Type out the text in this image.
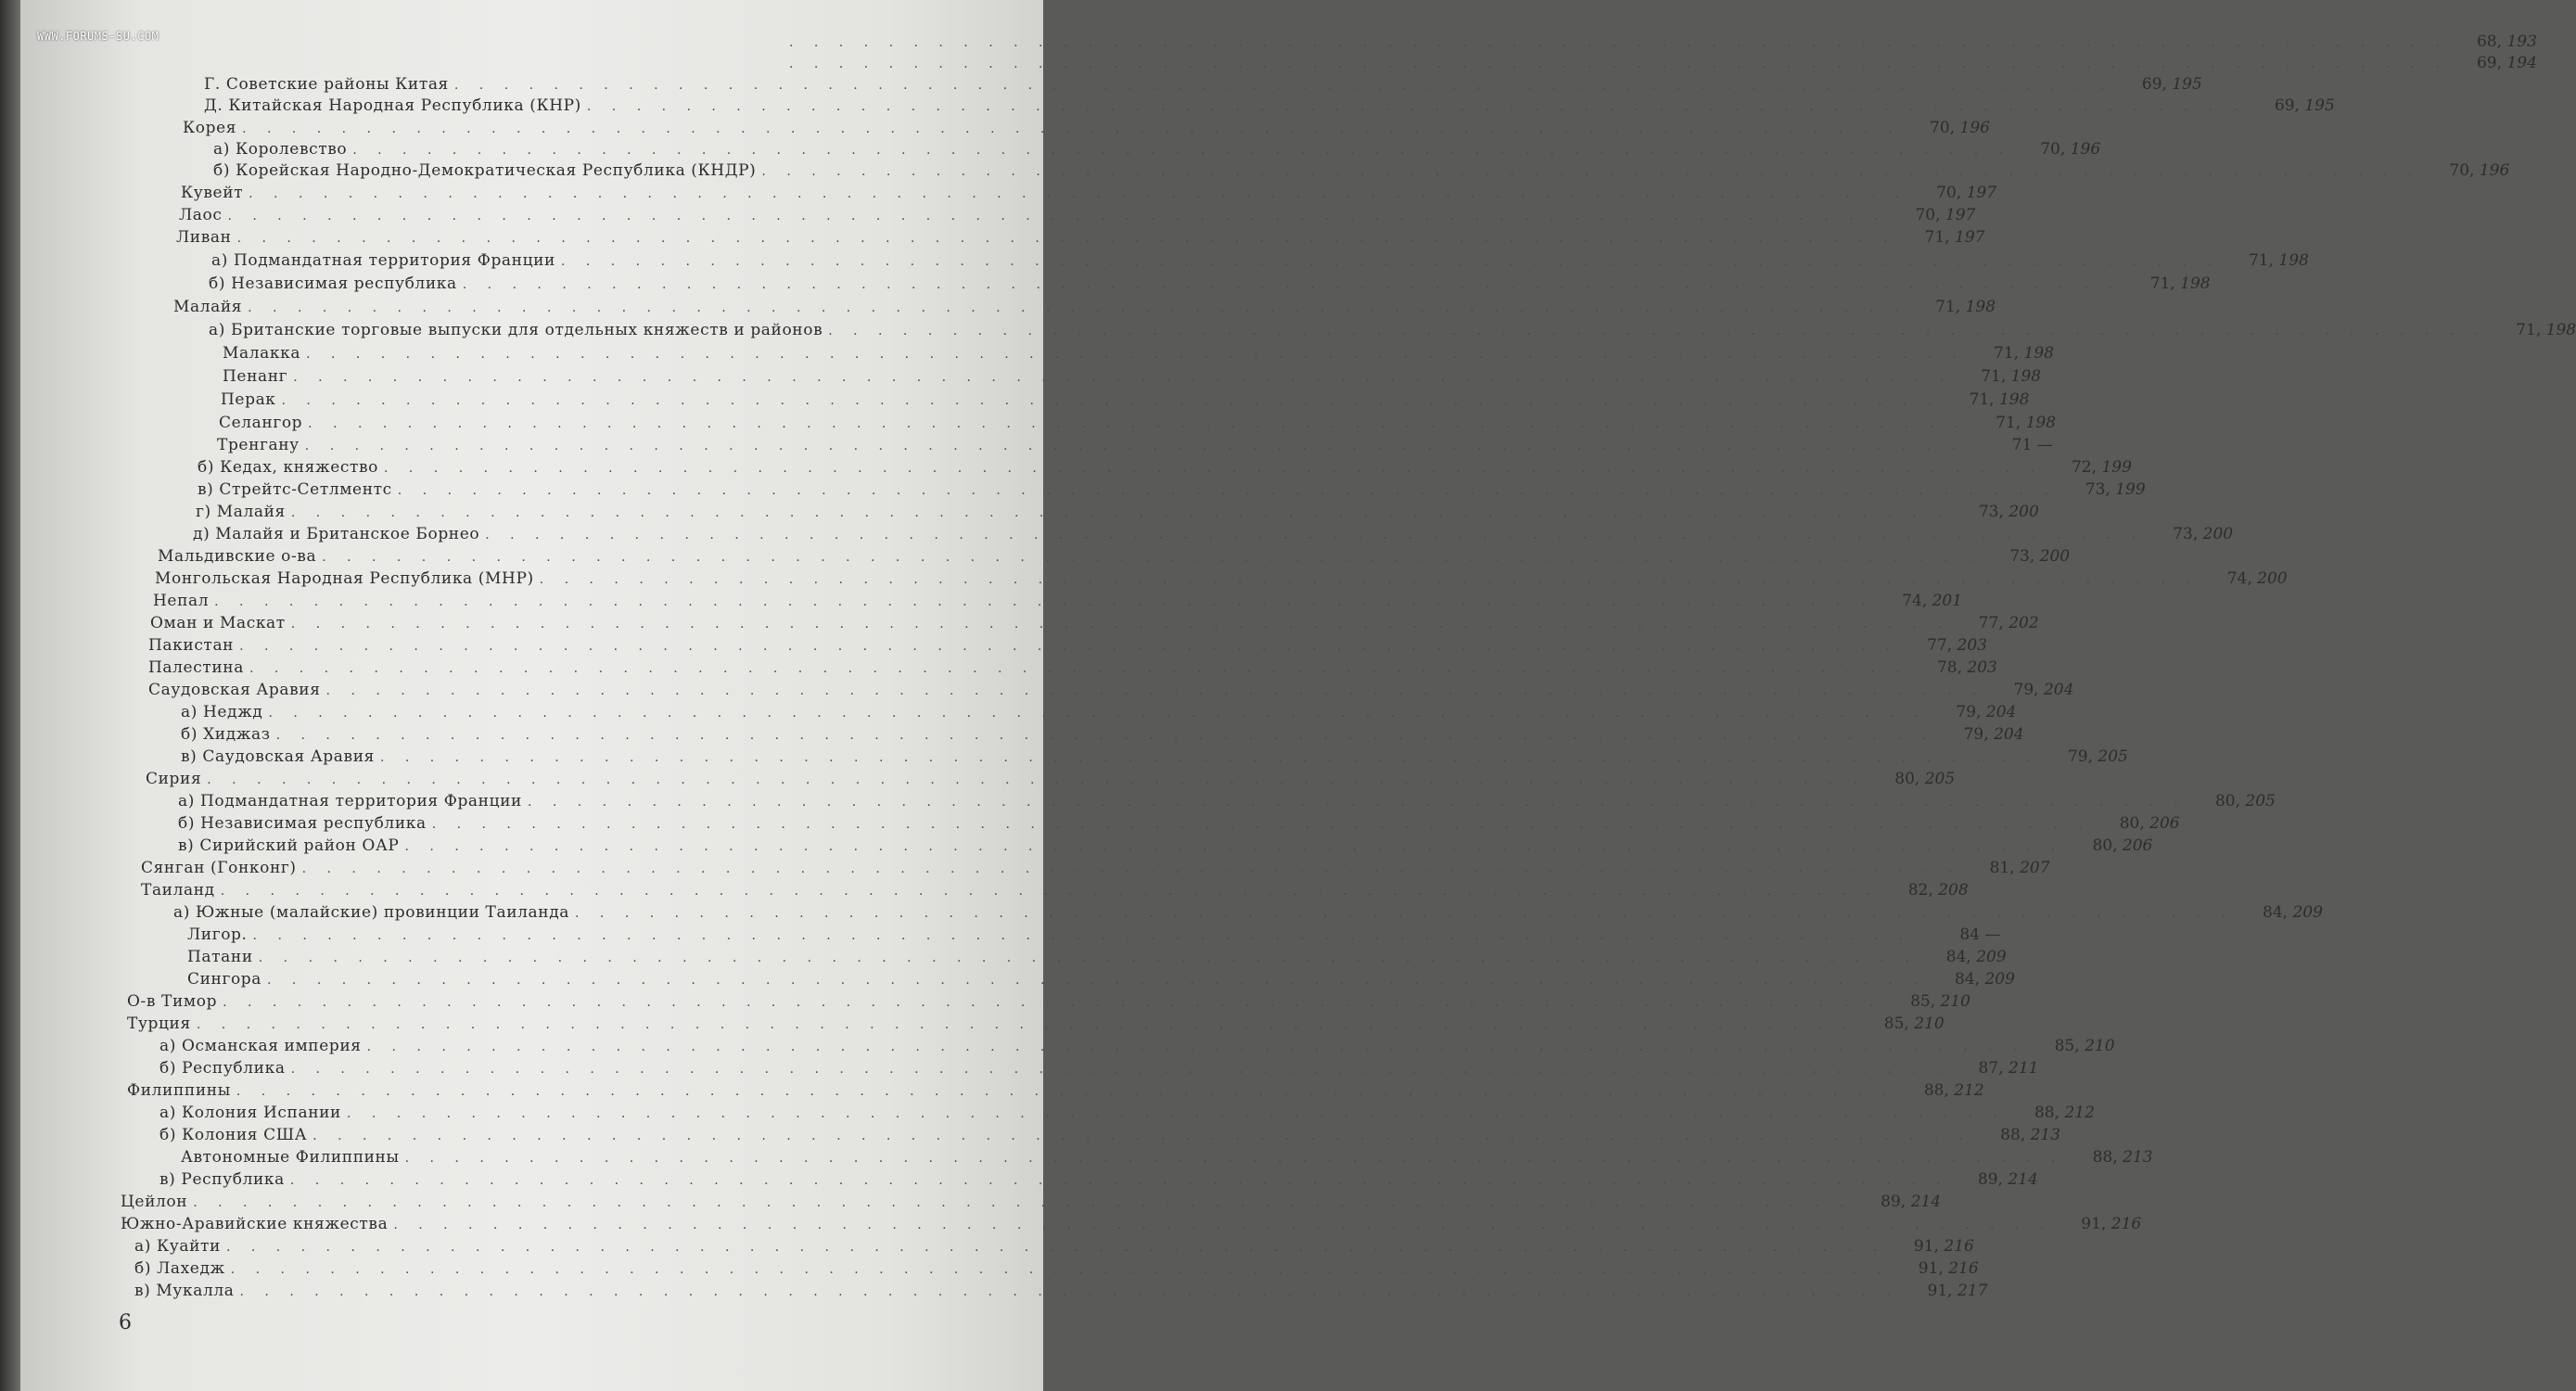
WWW.FORUMS-SU.COM	. . . . . . . . . . . . . . . . . . . . . . . . . . . . . . . . . . . . . . . . . . . . . . . . . . . . . . . . . . . . . . . . . . .	68, 193
. . . . . . . . . . . . . . . . . . . . . . . . . . . . . . . . . . . . . . . . . . . . . . . . . . . . . . . . . . . . . . . . . . .	69, 194
Г. Советские районы Китая . . . . . . . . . . . . . . . . . . . . . . . . . . . . . . . . . . . . . . . . . . . . . . . . . . . . . . . . . . . . . . . . . . .	69, 195
Д. Китайская Народная Республика (КНР) . . . . . . . . . . . . . . . . . . . . . . . . . . . . . . . . . . . . . . . . . . . . . . . . . . . . . . . . . . . . . . . . . . .	69, 195
Корея . . . . . . . . . . . . . . . . . . . . . . . . . . . . . . . . . . . . . . . . . . . . . . . . . . . . . . . . . . . . . . . . . . .	70, 196
а) Королевство . . . . . . . . . . . . . . . . . . . . . . . . . . . . . . . . . . . . . . . . . . . . . . . . . . . . . . . . . . . . . . . . . . .	70, 196
б) Корейская Народно-Демократическая Республика (КНДР) . . . . . . . . . . . . . . . . . . . . . . . . . . . . . . . . . . . . . . . . . . . . . . . . . . . . . . . . . . . . . . . . . . .	70, 196
Кувейт . . . . . . . . . . . . . . . . . . . . . . . . . . . . . . . . . . . . . . . . . . . . . . . . . . . . . . . . . . . . . . . . . . .	70, 197
Лаос . . . . . . . . . . . . . . . . . . . . . . . . . . . . . . . . . . . . . . . . . . . . . . . . . . . . . . . . . . . . . . . . . . .	70, 197
Ливан . . . . . . . . . . . . . . . . . . . . . . . . . . . . . . . . . . . . . . . . . . . . . . . . . . . . . . . . . . . . . . . . . . .	71, 197
а) Подмандатная территория Франции . . . . . . . . . . . . . . . . . . . . . . . . . . . . . . . . . . . . . . . . . . . . . . . . . . . . . . . . . . . . . . . . . . .	71, 198
б) Независимая республика . . . . . . . . . . . . . . . . . . . . . . . . . . . . . . . . . . . . . . . . . . . . . . . . . . . . . . . . . . . . . . . . . . .	71, 198
Малайя . . . . . . . . . . . . . . . . . . . . . . . . . . . . . . . . . . . . . . . . . . . . . . . . . . . . . . . . . . . . . . . . . . .	71, 198
а) Британские торговые выпуски для отдельных княжеств и районов . . . . . . . . . . . . . . . . . . . . . . . . . . . . . . . . . . . . . . . . . . . . . . . . . . . . . . . . . . . . . . . . . . .	71, 198
Малакка . . . . . . . . . . . . . . . . . . . . . . . . . . . . . . . . . . . . . . . . . . . . . . . . . . . . . . . . . . . . . . . . . . .	71, 198
Пенанг . . . . . . . . . . . . . . . . . . . . . . . . . . . . . . . . . . . . . . . . . . . . . . . . . . . . . . . . . . . . . . . . . . .	71, 198
Перак . . . . . . . . . . . . . . . . . . . . . . . . . . . . . . . . . . . . . . . . . . . . . . . . . . . . . . . . . . . . . . . . . . .	71, 198
Селангор . . . . . . . . . . . . . . . . . . . . . . . . . . . . . . . . . . . . . . . . . . . . . . . . . . . . . . . . . . . . . . . . . . .	71, 198
Тренгану . . . . . . . . . . . . . . . . . . . . . . . . . . . . . . . . . . . . . . . . . . . . . . . . . . . . . . . . . . . . . . . . . . .	71 —
б) Кедах, княжество . . . . . . . . . . . . . . . . . . . . . . . . . . . . . . . . . . . . . . . . . . . . . . . . . . . . . . . . . . . . . . . . . . .	72, 199
в) Стрейтс-Сетлментс . . . . . . . . . . . . . . . . . . . . . . . . . . . . . . . . . . . . . . . . . . . . . . . . . . . . . . . . . . . . . . . . . . .	73, 199
г) Малайя . . . . . . . . . . . . . . . . . . . . . . . . . . . . . . . . . . . . . . . . . . . . . . . . . . . . . . . . . . . . . . . . . . .	73, 200
д) Малайя и Британское Борнео . . . . . . . . . . . . . . . . . . . . . . . . . . . . . . . . . . . . . . . . . . . . . . . . . . . . . . . . . . . . . . . . . . .	73, 200
Мальдивские о-ва . . . . . . . . . . . . . . . . . . . . . . . . . . . . . . . . . . . . . . . . . . . . . . . . . . . . . . . . . . . . . . . . . . .	73, 200
Монгольская Народная Республика (МНР) . . . . . . . . . . . . . . . . . . . . . . . . . . . . . . . . . . . . . . . . . . . . . . . . . . . . . . . . . . . . . . . . . . .	74, 200
Непал . . . . . . . . . . . . . . . . . . . . . . . . . . . . . . . . . . . . . . . . . . . . . . . . . . . . . . . . . . . . . . . . . . .	74, 201
Оман и Маскат . . . . . . . . . . . . . . . . . . . . . . . . . . . . . . . . . . . . . . . . . . . . . . . . . . . . . . . . . . . . . . . . . . .	77, 202
Пакистан . . . . . . . . . . . . . . . . . . . . . . . . . . . . . . . . . . . . . . . . . . . . . . . . . . . . . . . . . . . . . . . . . . .	77, 203
Палестина . . . . . . . . . . . . . . . . . . . . . . . . . . . . . . . . . . . . . . . . . . . . . . . . . . . . . . . . . . . . . . . . . . .	78, 203
Саудовская Аравия . . . . . . . . . . . . . . . . . . . . . . . . . . . . . . . . . . . . . . . . . . . . . . . . . . . . . . . . . . . . . . . . . . .	79, 204
а) Неджд . . . . . . . . . . . . . . . . . . . . . . . . . . . . . . . . . . . . . . . . . . . . . . . . . . . . . . . . . . . . . . . . . . .	79, 204
б) Хиджаз . . . . . . . . . . . . . . . . . . . . . . . . . . . . . . . . . . . . . . . . . . . . . . . . . . . . . . . . . . . . . . . . . . .	79, 204
в) Саудовская Аравия . . . . . . . . . . . . . . . . . . . . . . . . . . . . . . . . . . . . . . . . . . . . . . . . . . . . . . . . . . . . . . . . . . .	79, 205
Сирия . . . . . . . . . . . . . . . . . . . . . . . . . . . . . . . . . . . . . . . . . . . . . . . . . . . . . . . . . . . . . . . . . . .	80, 205
а) Подмандатная территория Франции . . . . . . . . . . . . . . . . . . . . . . . . . . . . . . . . . . . . . . . . . . . . . . . . . . . . . . . . . . . . . . . . . . .	80, 205
б) Независимая республика . . . . . . . . . . . . . . . . . . . . . . . . . . . . . . . . . . . . . . . . . . . . . . . . . . . . . . . . . . . . . . . . . . .	80, 206
в) Сирийский район ОАР . . . . . . . . . . . . . . . . . . . . . . . . . . . . . . . . . . . . . . . . . . . . . . . . . . . . . . . . . . . . . . . . . . .	80, 206
Сянган (Гонконг) . . . . . . . . . . . . . . . . . . . . . . . . . . . . . . . . . . . . . . . . . . . . . . . . . . . . . . . . . . . . . . . . . . .	81, 207
Таиланд . . . . . . . . . . . . . . . . . . . . . . . . . . . . . . . . . . . . . . . . . . . . . . . . . . . . . . . . . . . . . . . . . . .	82, 208
а) Южные (малайские) провинции Таиланда . . . . . . . . . . . . . . . . . . . . . . . . . . . . . . . . . . . . . . . . . . . . . . . . . . . . . . . . . . . . . . . . . . .	84, 209
Лигор. . . . . . . . . . . . . . . . . . . . . . . . . . . . . . . . . . . . . . . . . . . . . . . . . . . . . . . . . . . . . . . . . . . .	84 —
Патани . . . . . . . . . . . . . . . . . . . . . . . . . . . . . . . . . . . . . . . . . . . . . . . . . . . . . . . . . . . . . . . . . . .	84, 209
Сингора . . . . . . . . . . . . . . . . . . . . . . . . . . . . . . . . . . . . . . . . . . . . . . . . . . . . . . . . . . . . . . . . . . .	84, 209
О-в Тимор . . . . . . . . . . . . . . . . . . . . . . . . . . . . . . . . . . . . . . . . . . . . . . . . . . . . . . . . . . . . . . . . . . .	85, 210
Турция . . . . . . . . . . . . . . . . . . . . . . . . . . . . . . . . . . . . . . . . . . . . . . . . . . . . . . . . . . . . . . . . . . .	85, 210
а) Османская империя . . . . . . . . . . . . . . . . . . . . . . . . . . . . . . . . . . . . . . . . . . . . . . . . . . . . . . . . . . . . . . . . . . .	85, 210
б) Республика . . . . . . . . . . . . . . . . . . . . . . . . . . . . . . . . . . . . . . . . . . . . . . . . . . . . . . . . . . . . . . . . . . .	87, 211
Филиппины . . . . . . . . . . . . . . . . . . . . . . . . . . . . . . . . . . . . . . . . . . . . . . . . . . . . . . . . . . . . . . . . . . .	88, 212
а) Колония Испании . . . . . . . . . . . . . . . . . . . . . . . . . . . . . . . . . . . . . . . . . . . . . . . . . . . . . . . . . . . . . . . . . . .	88, 212
б) Колония США . . . . . . . . . . . . . . . . . . . . . . . . . . . . . . . . . . . . . . . . . . . . . . . . . . . . . . . . . . . . . . . . . . .	88, 213
Автономные Филиппины . . . . . . . . . . . . . . . . . . . . . . . . . . . . . . . . . . . . . . . . . . . . . . . . . . . . . . . . . . . . . . . . . . .	88, 213
в) Республика . . . . . . . . . . . . . . . . . . . . . . . . . . . . . . . . . . . . . . . . . . . . . . . . . . . . . . . . . . . . . . . . . . .	89, 214
Цейлон . . . . . . . . . . . . . . . . . . . . . . . . . . . . . . . . . . . . . . . . . . . . . . . . . . . . . . . . . . . . . . . . . . .	89, 214
Южно-Аравийские княжества . . . . . . . . . . . . . . . . . . . . . . . . . . . . . . . . . . . . . . . . . . . . . . . . . . . . . . . . . . . . . . . . . . .	91, 216
а) Куайти . . . . . . . . . . . . . . . . . . . . . . . . . . . . . . . . . . . . . . . . . . . . . . . . . . . . . . . . . . . . . . . . . . .	91, 216
б) Лахедж . . . . . . . . . . . . . . . . . . . . . . . . . . . . . . . . . . . . . . . . . . . . . . . . . . . . . . . . . . . . . . . . . . .	91, 216
в) Мукалла . . . . . . . . . . . . . . . . . . . . . . . . . . . . . . . . . . . . . . . . . . . . . . . . . . . . . . . . . . . . . . . . . . .	91, 217
6
